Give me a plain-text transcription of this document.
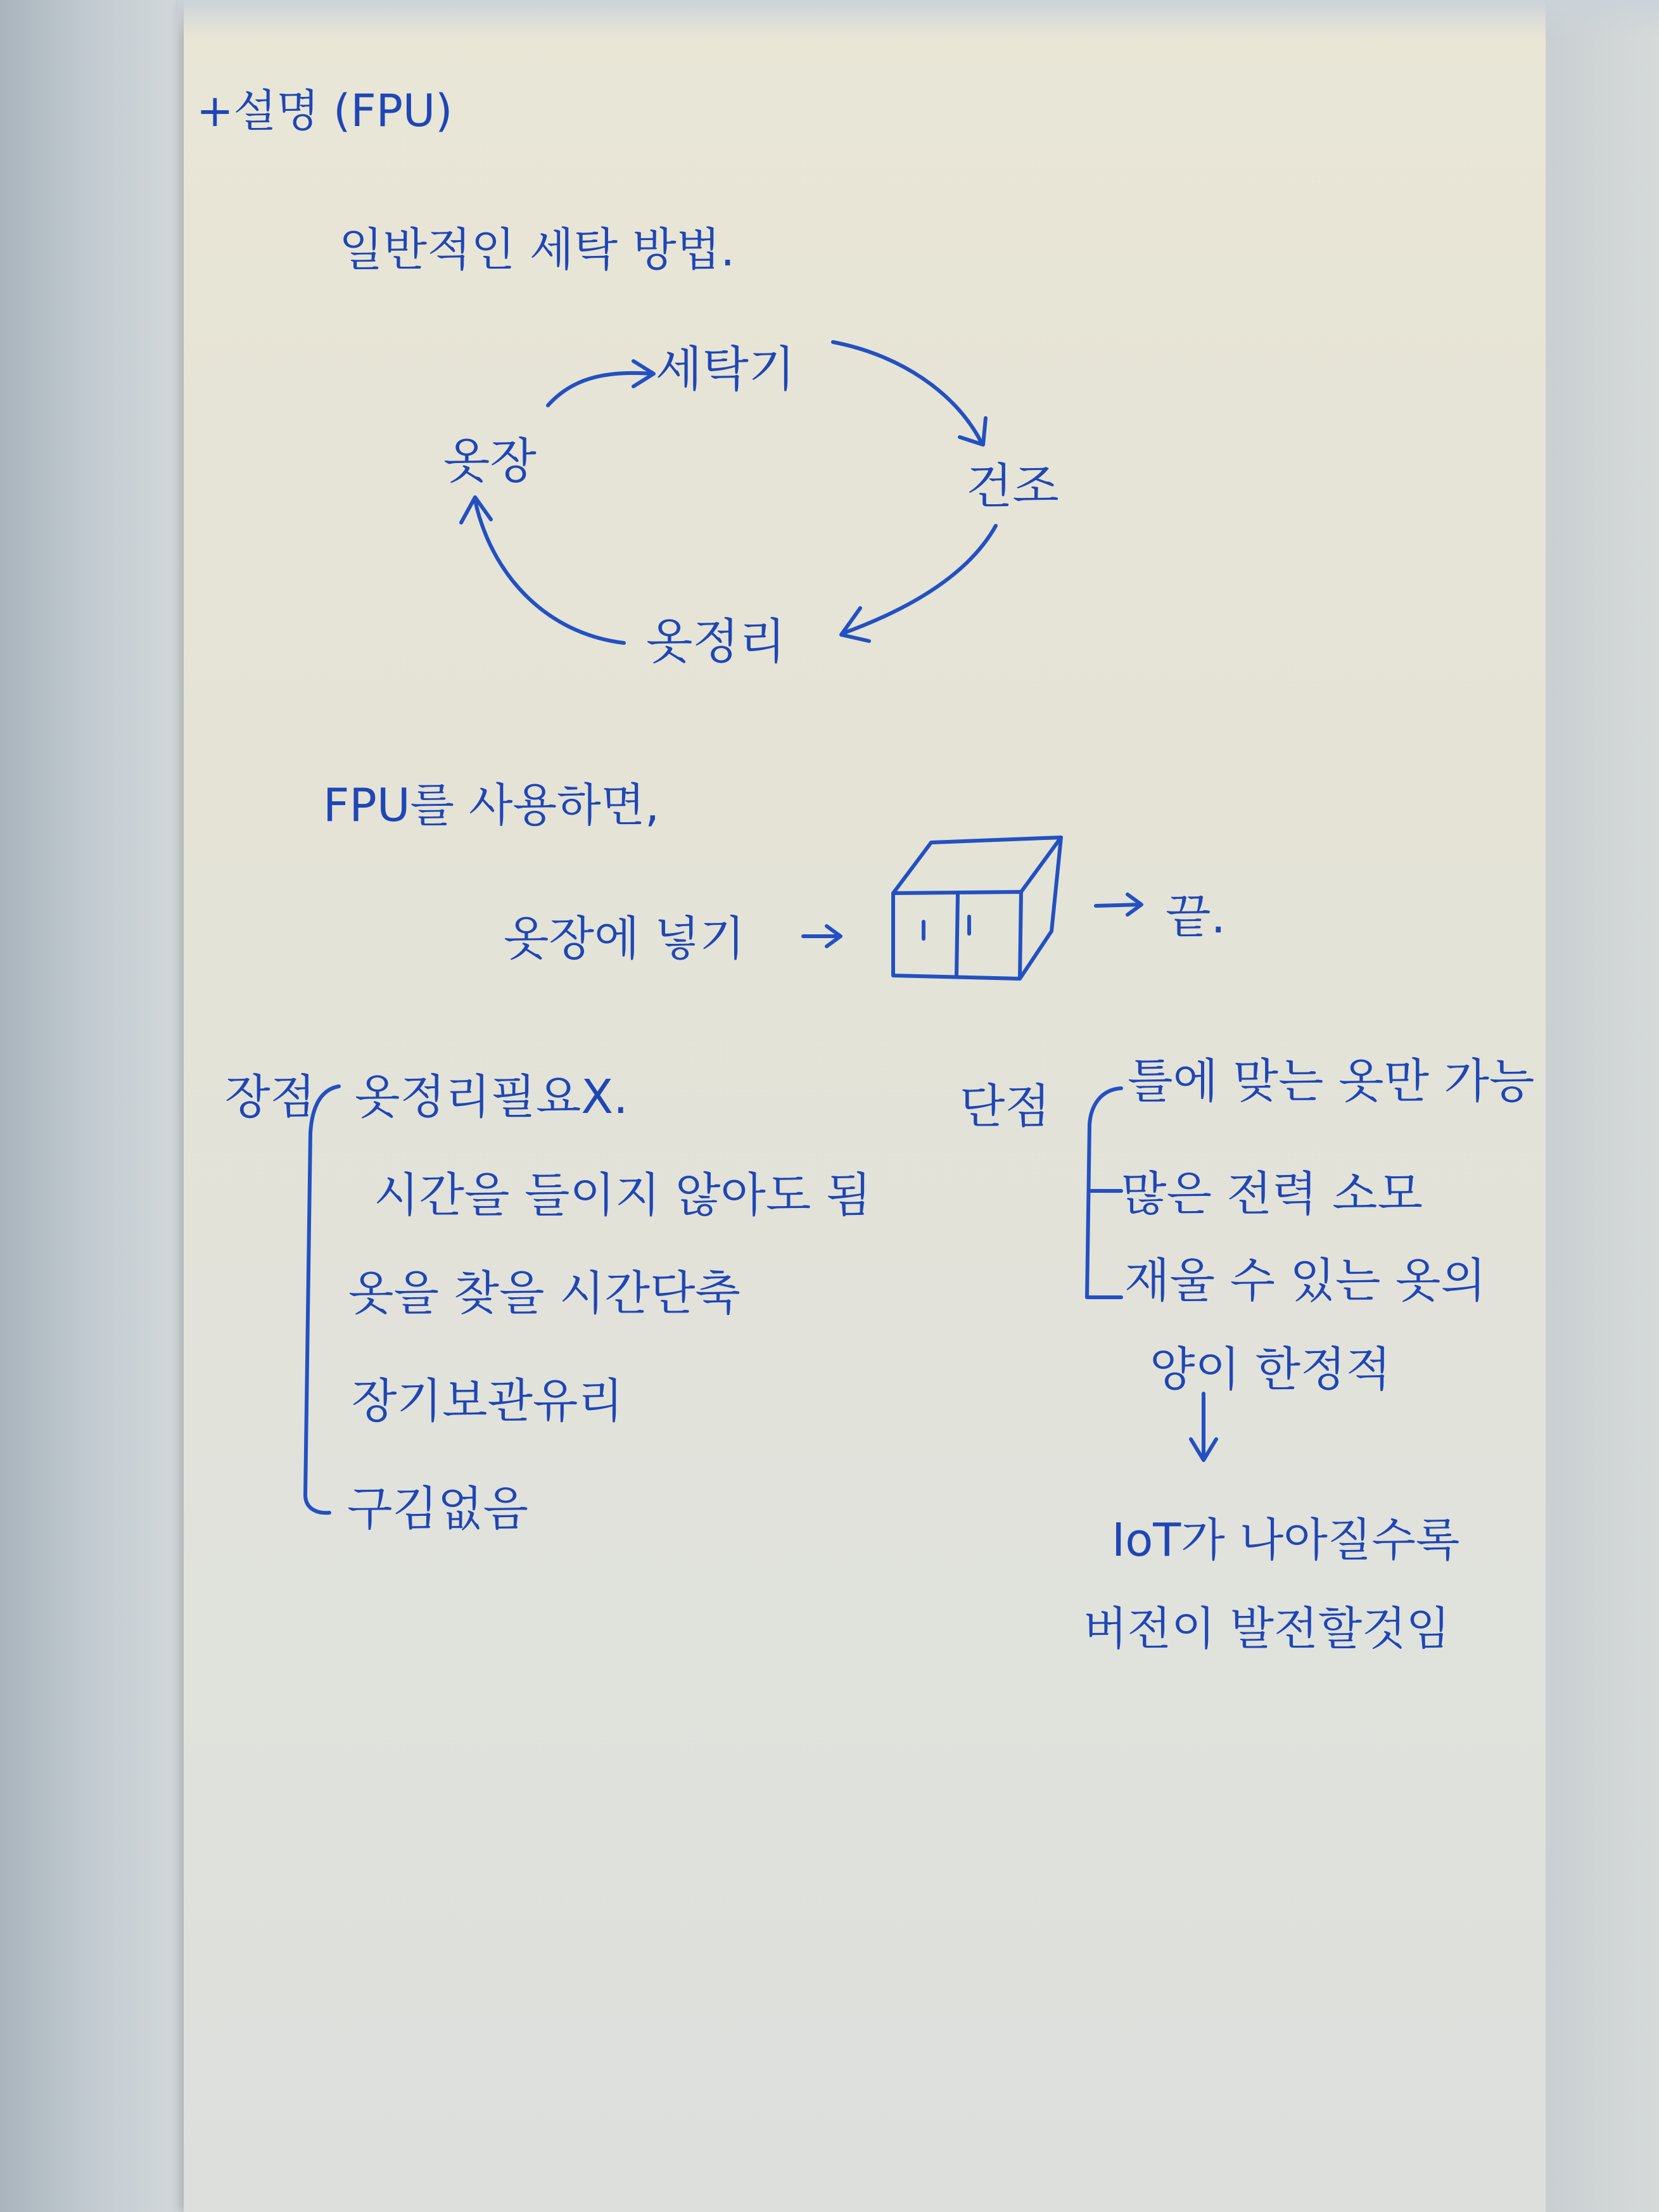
+설명 (FPU)
일반적인 세탁 방법.
세탁기
건조
옷정리
옷장
FPU를 사용하면,
옷장에 넣기	끝.
장점 옷정리필요X.
시간을 들이지 않아도 됨
옷을 찾을 시간단축
장기보관유리
구김없음
단점 틀에 맞는 옷만 가능
많은 전력 소모
재울 수 있는 옷의
양이 한정적
IoT가 나아질수록
버전이 발전할것임
